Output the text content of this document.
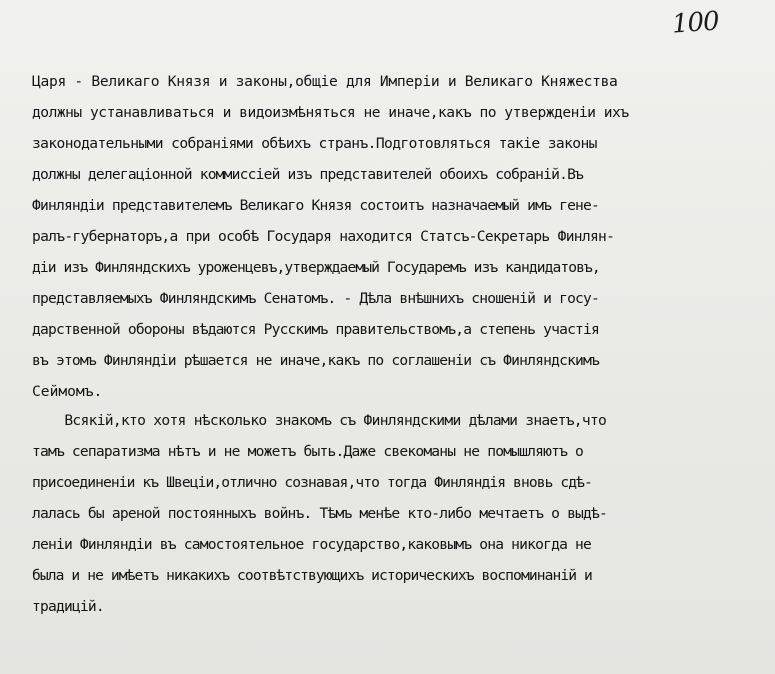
100
Царя - Великаго Князя и законы,общіе для Имперіи и Великаго Княжества
должны устанавливаться и видоизмѣняться не иначе,какъ по утвержденіи ихъ
законодательными собраніями обѣихъ странъ.Подготовляться такіе законы
должны делегаціонной коммиссіей изъ представителей обоихъ собраній.Въ
Финляндіи представителемъ Великаго Князя состоитъ назначаемый имъ гене-
ралъ-губернаторъ,а при особѣ Государя находится Статсъ-Секретарь Финлян-
діи изъ Финляндскихъ уроженцевъ,утверждаемый Государемъ изъ кандидатовъ,
представляемыхъ Финляндскимъ Сенатомъ. - Дѣла внѣшнихъ сношеній и госу-
дарственной обороны вѣдаются Русскимъ правительствомъ,а степень участія
въ этомъ Финляндіи рѣшается не иначе,какъ по соглашеніи съ Финляндскимъ
Сеймомъ.
Всякій,кто хотя нѣсколько знакомъ съ Финляндскими дѣлами знаетъ,что
тамъ сепаратизма нѣтъ и не можетъ быть.Даже свекоманы не помышляютъ о
присоединеніи къ Швеціи,отлично сознавая,что тогда Финляндія вновь сдѣ-
лалась бы ареной постоянныхъ войнъ. Тѣмъ менѣе кто-либо мечтаетъ о выдѣ-
леніи Финляндіи въ самостоятельное государство,каковымъ она никогда не
была и не имѣетъ никакихъ соотвѣтствующихъ историческихъ воспоминаній и
традицій.
